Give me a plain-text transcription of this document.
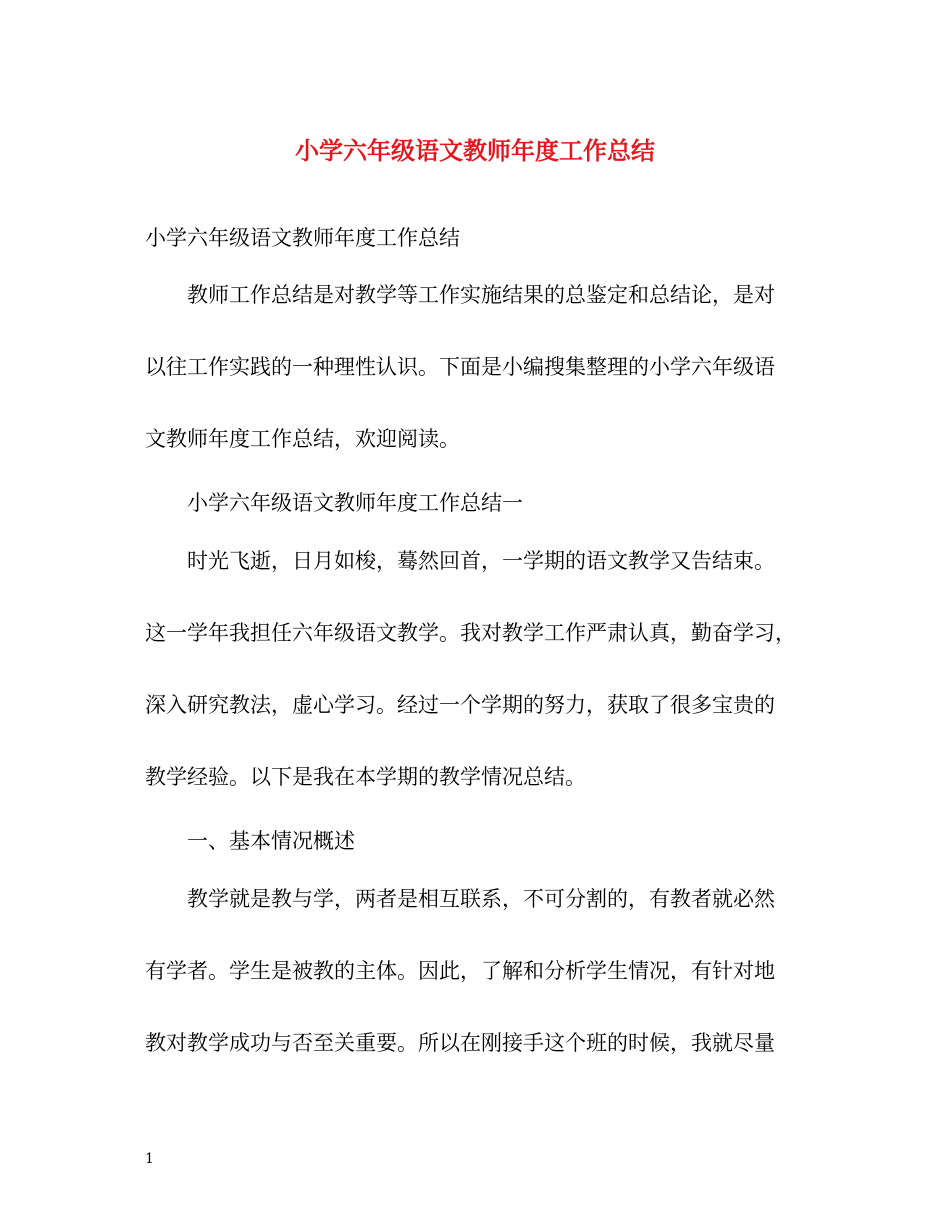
小学六年级语文教师年度工作总结

小学六年级语文教师年度工作总结

教师工作总结是对教学等工作实施结果的总鉴定和总结论，是对

以往工作实践的一种理性认识。下面是小编搜集整理的小学六年级语

文教师年度工作总结，欢迎阅读。

小学六年级语文教师年度工作总结一

时光飞逝，日月如梭，蓦然回首，一学期的语文教学又告结束。

这一学年我担任六年级语文教学。我对教学工作严肃认真，勤奋学习，

深入研究教法，虚心学习。经过一个学期的努力，获取了很多宝贵的

教学经验。以下是我在本学期的教学情况总结。

一、基本情况概述

教学就是教与学，两者是相互联系，不可分割的，有教者就必然

有学者。学生是被教的主体。因此，了解和分析学生情况，有针对地

教对教学成功与否至关重要。所以在刚接手这个班的时候，我就尽量

1
